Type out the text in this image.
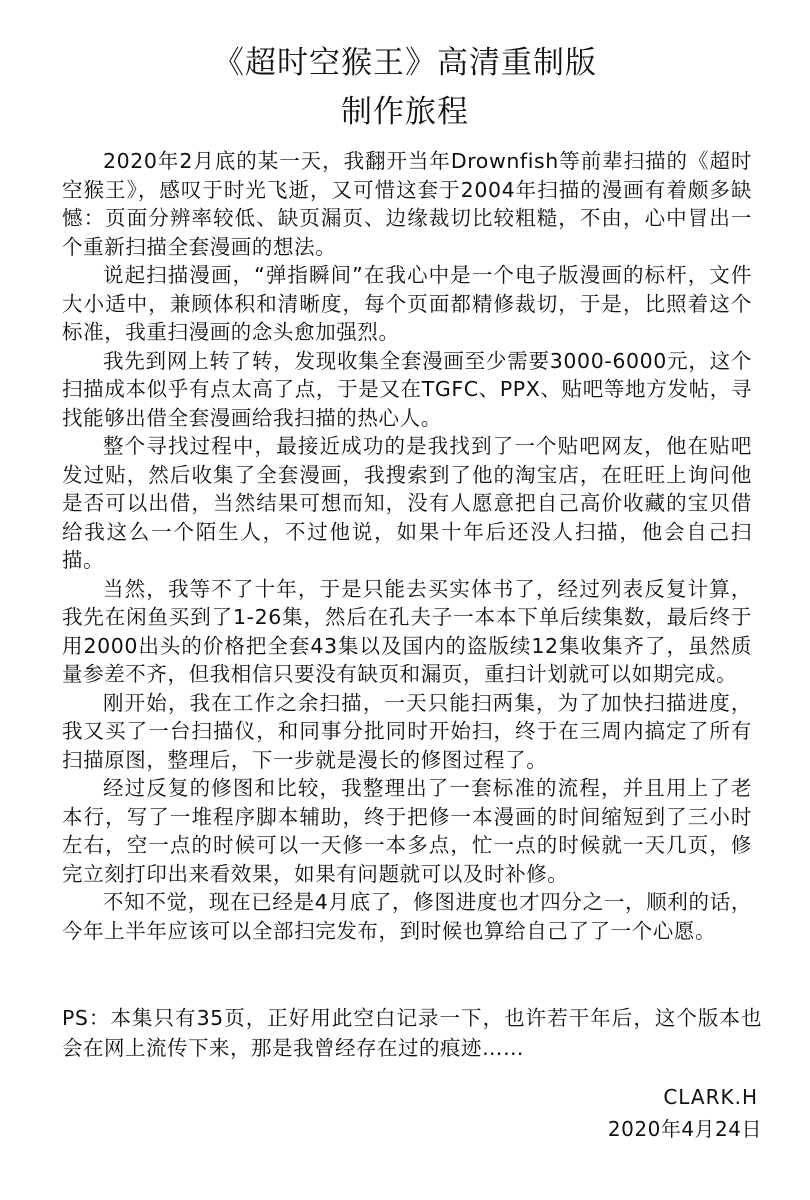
《超时空猴王》高清重制版
制作旅程

2020年2月底的某一天，我翻开当年Drownfish等前辈扫描的《超时空猴王》，感叹于时光飞逝，又可惜这套于2004年扫描的漫画有着颇多缺憾：页面分辨率较低、缺页漏页、边缘裁切比较粗糙，不由，心中冒出一个重新扫描全套漫画的想法。

说起扫描漫画，“弹指瞬间”在我心中是一个电子版漫画的标杆，文件大小适中，兼顾体积和清晰度，每个页面都精修裁切，于是，比照着这个标准，我重扫漫画的念头愈加强烈。

我先到网上转了转，发现收集全套漫画至少需要3000-6000元，这个扫描成本似乎有点太高了点，于是又在TGFC、PPX、贴吧等地方发帖，寻找能够出借全套漫画给我扫描的热心人。

整个寻找过程中，最接近成功的是我找到了一个贴吧网友，他在贴吧发过贴，然后收集了全套漫画，我搜索到了他的淘宝店，在旺旺上询问他是否可以出借，当然结果可想而知，没有人愿意把自己高价收藏的宝贝借给我这么一个陌生人，不过他说，如果十年后还没人扫描，他会自己扫描。

当然，我等不了十年，于是只能去买实体书了，经过列表反复计算，我先在闲鱼买到了1-26集，然后在孔夫子一本本下单后续集数，最后终于用2000出头的价格把全套43集以及国内的盗版续12集收集齐了，虽然质量参差不齐，但我相信只要没有缺页和漏页，重扫计划就可以如期完成。

刚开始，我在工作之余扫描，一天只能扫两集，为了加快扫描进度，我又买了一台扫描仪，和同事分批同时开始扫，终于在三周内搞定了所有扫描原图，整理后，下一步就是漫长的修图过程了。

经过反复的修图和比较，我整理出了一套标准的流程，并且用上了老本行，写了一堆程序脚本辅助，终于把修一本漫画的时间缩短到了三小时左右，空一点的时候可以一天修一本多点，忙一点的时候就一天几页，修完立刻打印出来看效果，如果有问题就可以及时补修。

不知不觉，现在已经是4月底了，修图进度也才四分之一，顺利的话，今年上半年应该可以全部扫完发布，到时候也算给自己了了一个心愿。

PS：本集只有35页，正好用此空白记录一下，也许若干年后，这个版本也会在网上流传下来，那是我曾经存在过的痕迹……
CLARK.H
2020年4月24日
